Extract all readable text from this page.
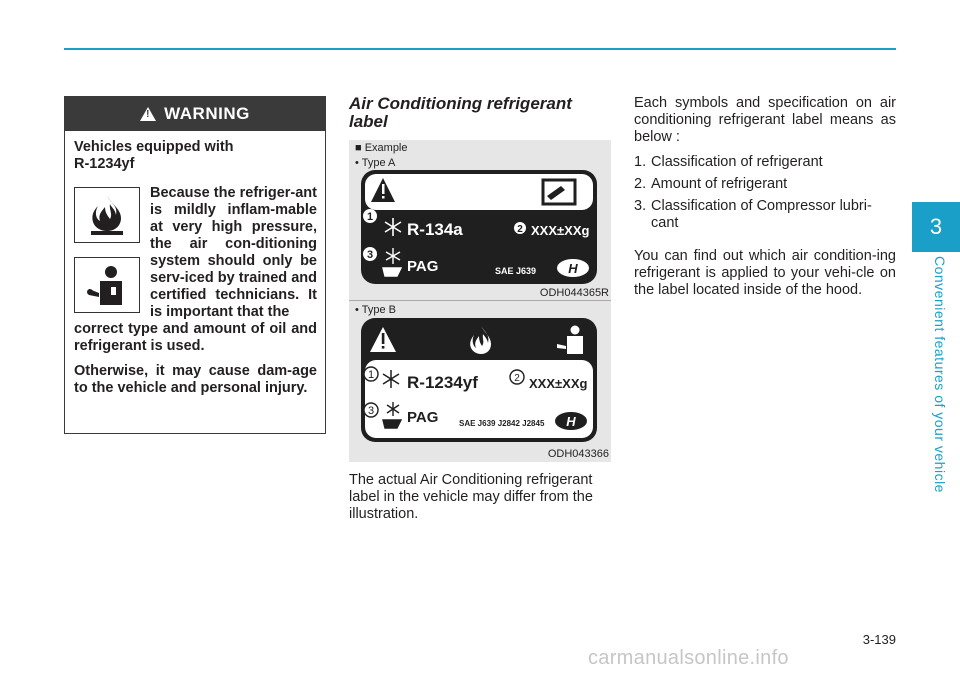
3
Convenient features of your vehicle
!
WARNING
Vehicles equipped with
R-1234yf
Because the refriger-ant is mildly inflam-mable at very high pressure, the air con-ditioning system should only be serv-iced by trained and certified technicians. It is important that the

correct type and amount of oil and refrigerant is used.

Otherwise, it may cause dam-age to the vehicle and personal injury.

Air Conditioning refrigerant label
■ Example
• Type A
1
R-134a	2 XXX±XXg
3
PAG	SAE J639 H
ODH044365R
• Type B
1 R-1234yf	2 XXX±XXg
3 PAG	SAE J639 J2842 J2845 H
ODH043366
The actual Air Conditioning refrigerant label in the vehicle may differ from the illustration.

Each symbols and specification on air conditioning refrigerant label means as below :

1. Classification of refrigerant
2. Amount of refrigerant
3. Classification of Compressor lubri-cant

You can find out which air condition-ing refrigerant is applied to your vehi-cle on the label located inside of the hood.

3-139
carmanualsonline.info
